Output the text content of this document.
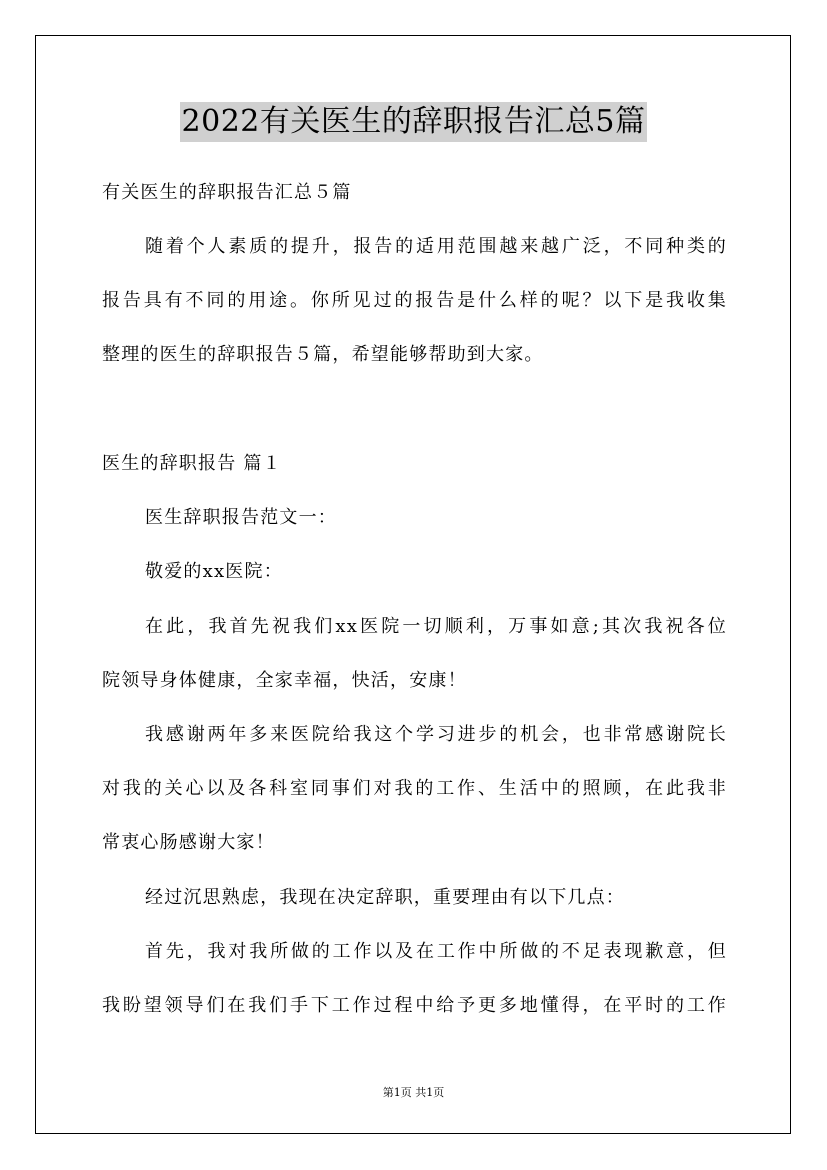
2022有关医生的辞职报告汇总5篇
有关医生的辞职报告汇总５篇
随着个人素质的提升，报告的适用范围越来越广泛，不同种类的
报告具有不同的用途。你所见过的报告是什么样的呢？以下是我收集
整理的医生的辞职报告５篇，希望能够帮助到大家。
医生的辞职报告 篇１
医生辞职报告范文一：
敬爱的xx医院：
在此，我首先祝我们xx医院一切顺利，万事如意;其次我祝各位
院领导身体健康，全家幸福，快活，安康！
我感谢两年多来医院给我这个学习进步的机会，也非常感谢院长
对我的关心以及各科室同事们对我的工作、生活中的照顾，在此我非
常衷心肠感谢大家！
经过沉思熟虑，我现在决定辞职，重要理由有以下几点：
首先，我对我所做的工作以及在工作中所做的不足表现歉意，但
我盼望领导们在我们手下工作过程中给予更多地懂得，在平时的工作
第1页 共1页
